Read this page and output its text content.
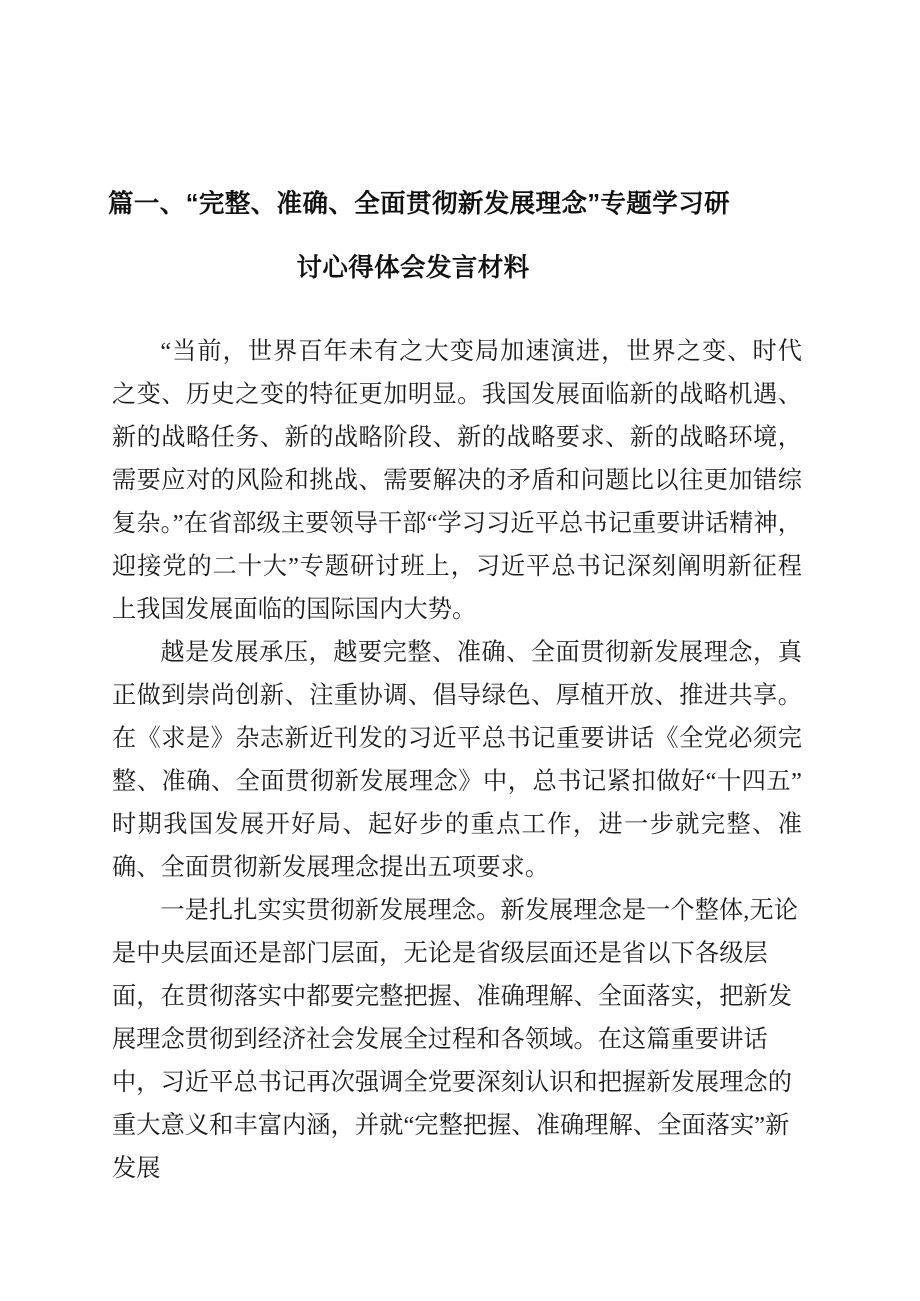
篇一、“完整、准确、全面贯彻新发展理念”专题学习研
讨心得体会发言材料

“当前，世界百年未有之大变局加速演进，世界之变、时代之变、历史之变的特征更加明显。我国发展面临新的战略机遇、新的战略任务、新的战略阶段、新的战略要求、新的战略环境，需要应对的风险和挑战、需要解决的矛盾和问题比以往更加错综复杂。”在省部级主要领导干部“学习习近平总书记重要讲话精神，迎接党的二十大”专题研讨班上，习近平总书记深刻阐明新征程上我国发展面临的国际国内大势。

越是发展承压，越要完整、准确、全面贯彻新发展理念，真正做到崇尚创新、注重协调、倡导绿色、厚植开放、推进共享。在《求是》杂志新近刊发的习近平总书记重要讲话《全党必须完整、准确、全面贯彻新发展理念》中，总书记紧扣做好“十四五”时期我国发展开好局、起好步的重点工作，进一步就完整、准确、全面贯彻新发展理念提出五项要求。

一是扎扎实实贯彻新发展理念。新发展理念是一个整体,无论是中央层面还是部门层面，无论是省级层面还是省以下各级层面，在贯彻落实中都要完整把握、准确理解、全面落实，把新发展理念贯彻到经济社会发展全过程和各领域。在这篇重要讲话中，习近平总书记再次强调全党要深刻认识和把握新发展理念的重大意义和丰富内涵，并就“完整把握、准确理解、全面落实”新发展
